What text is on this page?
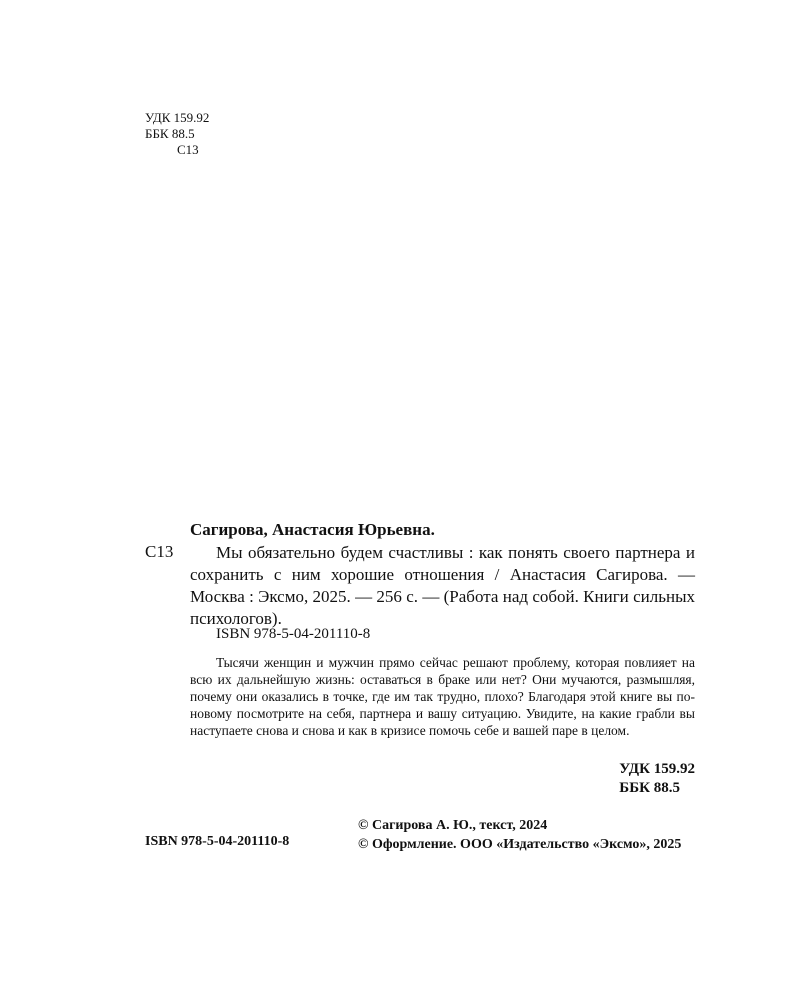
УДК 159.92
ББК 88.5
С13
Сагирова, Анастасия Юрьевна.
С13	Мы обязательно будем счастливы : как понять своего партнера и сохранить с ним хорошие отношения / Анастасия Сагирова. — Москва : Эксмо, 2025. — 256 с. — (Работа над собой. Книги сильных психологов).
ISBN 978-5-04-201110-8
Тысячи женщин и мужчин прямо сейчас решают проблему, которая повлияет на всю их дальнейшую жизнь: оставаться в браке или нет? Они мучаются, размышляя, почему они оказались в точке, где им так трудно, плохо? Благодаря этой книге вы по-новому посмотрите на себя, партнера и вашу ситуацию. Увидите, на какие грабли вы наступаете снова и снова и как в кризисе помочь себе и вашей паре в целом.
УДК 159.92
ББК 88.5
ISBN 978-5-04-201110-8
© Сагирова А. Ю., текст, 2024
© Оформление. ООО «Издательство «Эксмо», 2025
